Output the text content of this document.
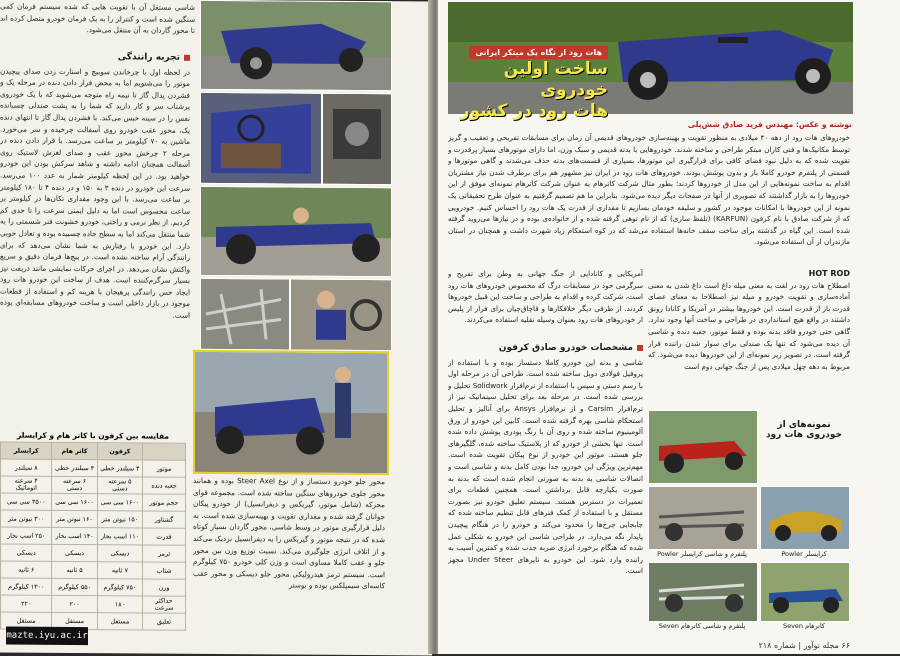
شاسی مستقل آن با تقویت هایی که شده سیستم فرمان کمی سنگین شده است و کنترلر را به یک فرمان خودرو متصل کرده اند تا محور گاردان به آن منتقل می‌شود.
تجربه رانندگی

در لحظه اول با چرخاندن سوییچ و استارت زدن صدای پیچیدن موتور را می‌شنویم اما به محض فرار دادن دنده در مرحله یک و فشردن پدال گاز تا نیمه راه متوجه می‌شوید که با یک خودروی پرشتاب سر و کار دارید که شما را به پشت صندلی چسبانده نفس را در سینه حبس می‌کند. با فشردن پدال گاز تا انتهای دنده یک، محور عقب خودرو روی آسفالت چرخیده و سر می‌خورد. ماشین به ۷۰ کیلومتر بر ساعت می‌رسد. با قرار دادن دنده در مرحله ۲ چرخش محور عقب و صدای لغزش لاستیک روی آسفالت همچنان ادامه داشته و شاهد سرکش بودن این خودرو خواهید بود. در این لحظه کیلومتر شمار به عدد ۱۰۰ می‌رسد. سرعت این خودرو در دنده ۳ به ۱۵۰ و در دنده ۴ تا ۱۸۰ کیلومتر بر ساعت می‌رسد. با این وجود مقداری تکان‌ها در کیلومتر بر ساعت محسوس است اما به دلیل ایمنی سرعت را تا حدی کم کردیم. از نظر نرمی و راحتی، خودرو خشونت فنر شسمتی را به شما منتقل می‌کند اما به سطح جاده چسبیده بوده و تعادل خوبی دارد. این خودرو با رفتارش به شما نشان می‌دهد که برای رانندگی آرام ساخته نشده است. در پیچ‌ها فرمان دقیق و سریع واکنش نشان می‌دهد. در اجرای حرکات نمایشی مانند دریفت نیز بسیار سرگرم‌کننده است. هدف از ساخت این خودرو هات رود ایجاد حس رانندگی پرهیجان با هزینه کم و استفاده از قطعات موجود در بازار داخلی است و ساخت خودروهای مسابقه‌ای بوده است.

مقایسه بین کرفون با کاتر هام و کرایسلر
	کرفون	کاتر هام	کرایسلر
موتور	۴ سیلندر خطی	۴ سیلندر خطی	۸ سیلندر
جعبه دنده	۵ سرعته دستی	۶ سرعته دستی	۴ سرعته اتوماتیک
حجم موتور	۱۶۰۰ سی سی	۱۶۰۰ سی سی	۳۵۰۰ سی سی
گشتاور	۱۵۰ نیوتن متر	۱۶۰ نیوتن متر	۳۰۰ نیوتن متر
قدرت	۱۱۰ اسب بخار	۱۴۰ اسب بخار	۲۵۰ اسب بخار
ترمز	دیسکی	دیسکی	دیسکی
شتاب	۷ ثانیه	۵ ثانیه	۶ ثانیه
وزن	۷۵۰ کیلوگرم	۵۵۰ کیلوگرم	۱۳۰۰ کیلوگرم
حداکثر سرعت	۱۸۰	۲۰۰	۲۲۰
تعلیق	مستقل	مستقل	مستقل
محور جلو خودرو دستساز و از نوع Steer Axel بوده و همانند محور جلوی خودروهای سنگین ساخته شده است. مجموعه قوای محرکه (شامل موتور، گیربکس و دیفرانسیل) از خودرو پیکان جوانان گرفته شده و مقداری تقویت و بهینه‌سازی شده است. به دلیل قرارگیری موتور در وسط شاسی، محور گاردان بسیار کوتاه شده که در نتیجه موتور و گیربکس را به دیفرانسیل نزدیک می‌کند و از اتلاف انرژی جلوگیری می‌کند. نسبت توزیع وزن بین محور جلو و عقب کاملا مساوی است و وزن کلی خودرو ۷۵۰ کیلوگرم است. سیستم ترمز هیدرولیکی محور جلو دیسکی و محور عقب کاسه‌ای سیمپلکس بوده و بوستر
mazte.iyu.ac.ir
هات رود از نگاه یک مبتکر ایرانی
ساخت اولین خودروی
هات رود در کشور
نوشته و عکس: مهندس فرید صادق شش‌پلی
خودروهای هات رود از دهه ۴۰ میلادی به منظور تقویت و بهینه‌سازی خودروهای قدیمی آن زمان برای مسابقات تفریحی و تعقیب و گریز توسط مکانیک‌ها و فنی کاران مبتکر طراحی و ساخته شدند. خودروهایی با بدنه قدیمی و سبک وزن، اما دارای موتورهای بسیار پرقدرت و تقویت شده که به دلیل نبود فضای کافی برای قرارگیری این موتورها، بسیاری از قسمت‌های بدنه حذف می‌شدند و گاهی موتورها و قسمتی از پلتفرم خودرو کاملا باز و بدون پوشش بودند. خودروهای هات رود در ایران نیز مشهور هم برای برطرف شدن نیاز مشتریان اقدام به ساخت نمونه‌هایی از این مدل از خودروها کردند؛ بطور مثال شرکت کاترهام به عنوان شرکت کاترهام نمونه‌ای موفق از این خودروها را به بازار گذاشتند که تصویری از آنها در صفحات دیگر دیده می‌شود. بنابراین ما هم تصمیم گرفتیم به عنوان طرح تحقیقاتی یک نمونه از این خودروها با امکانات موجود در کشور و سلیقه خودمان بسازیم تا مقداری از قدرت یک هات رود را احساس کنیم. خودرویی که از شرکت صادق با نام کرفون (KARFUN) (تلفظ سازی) که از نام توهی گرفته شده و از خانواده‌ی بوده و در نیازها می‌روید گرفته شده است. این گیاه در گذشته برای ساخت سقف خانه‌ها استفاده می‌شد که در کوه استعکام زیاد شهرت داشت و همچنان در استان مازندران از آن استفاده می‌شود.
HOT ROD

اصطلاح هات رود در لغت به معنی میله داغ است داغ شدن به معنی آماده‌سازی و تقویت خودرو و میله نیز اصطلاحا به معنای عصای قدرت باز از قدرت است. این خودروها بیشتر در آمریکا و کانادا رونق داشتند در واقع هیچ استانداردی در طراحی و ساخت آنها وجود ندارد. گاهی حتی خودرو فاقد بدنه بوده و فقط موتور، جعبه دنده و شاسی آن دیده می‌شود که تنها یک صندلی برای سوار شدن راننده قرار گرفته است. در تصویر زیر نمونه‌ای از این خودروها دیده می‌شود. که مربوط به دهه چهل میلادی پس از جنگ جهانی دوم است

آمریکایی و کانادایی از جنگ جهانی به وطن برای تفریح و سرگرمی خود در مسابقات درگ که مخصوص خودروهای هات رود است، شرکت کرده و اقدام به طراحی و ساخت این قبیل خودروها کردند. از طرفی دیگر خلافکارها و قاچاق‌چیان برای فرار از پلیس از خودروهای هات رود بعنوان وسیله نقلیه استفاده می‌کردند.
مشخصات خودرو صادق کرفون

شاسی و بدنه این خودرو کاملا دستساز بوده و با استفاده از پروفیل فولادی دوبل ساخته شده است. طراحی آن در مرحله اول با رسم دستی و سپس با استفاده از نرم‌افزار Solidwork تحلیل و بررسی شده است. در مرحله بعد برای تحلیل سینماتیک نیز از نرم‌افزار Carsim و از نرم‌افزار Ansys برای آنالیز و تحلیل استحکام شاسی بهره گرفته شده است. کابین این خودرو از ورق آلومینیوم ساخته شده و روی آن با رنگ پودری پوشش داده شده است. تنها بخشی از خودرو که از پلاستیک ساخته شده، گلگیرهای جلو هستند. موتور این خودرو از نوع پیکان تقویت شده است. مهم‌ترین ویژگی این خودرو، جدا بودن کامل بدنه و شاسی است و اتصالات شاسی به بدنه به صورتی انجام شده است که بدنه به صورت یکپارچه قابل برداشتن است. همچنین قطعات برای تعمیرات در دسترس هستند. سیستم تعلیق خودرو نیز بصورت مستقل و با استفاده از کمک فنرهای قابل تنظیم ساخته شده که جابجایی چرخ‌ها را محدود می‌کند و خودرو را در هنگام پیچیدن پایدار نگه می‌دارد. در طراحی شاسی این خودرو به شکلی عمل شده که هنگام برخورد انرژی ضربه جذب شده و کمترین آسیب به راننده وارد شود. این خودرو به تایرهای Under Steer مجهز است.

نمونه‌های از خودروی هات رود
کرایسلر Powler
پلتفرم و شاسی کرایسلر Powler
کاترهام Seven
پلتفرم و شاسی کاترهام Seven
۶۶ مجله نوآور | شماره ۲۱۸
